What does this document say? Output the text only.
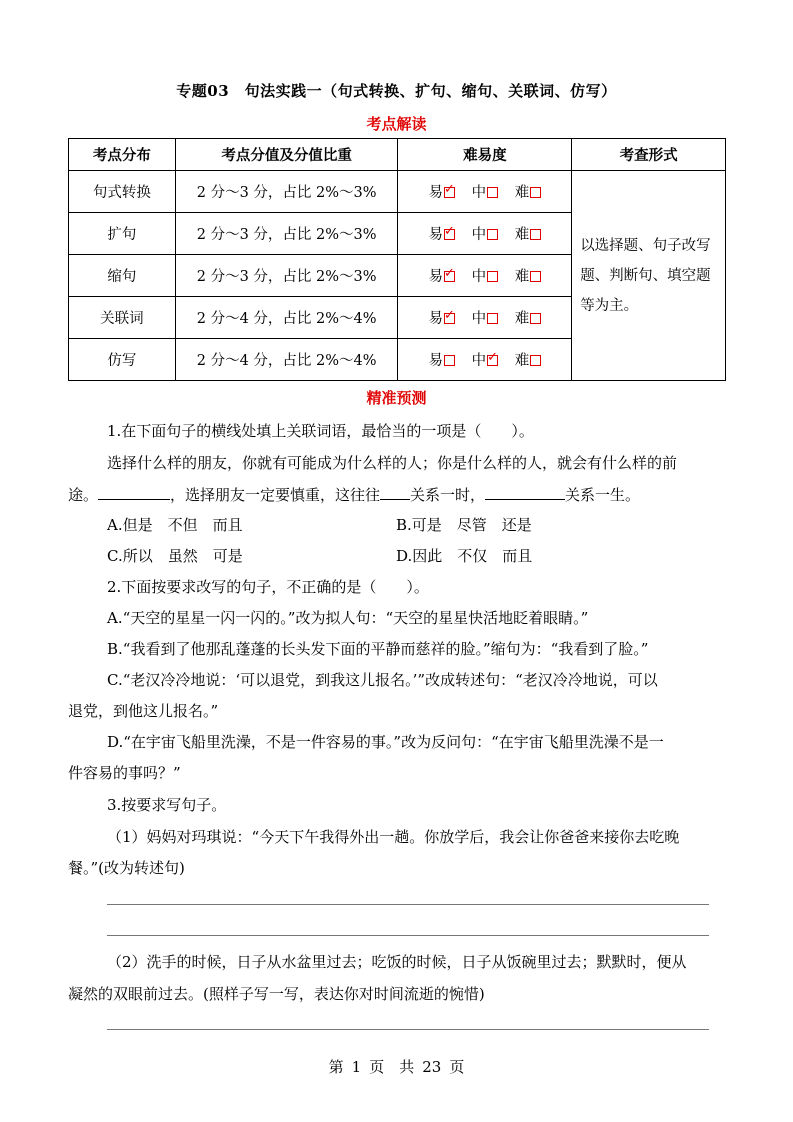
专题03　句法实践一（句式转换、扩句、缩句、关联词、仿写）
考点解读
考点分布	考点分值及分值比重	难易度	考查形式
句式转换	2 分～3 分，占比 2%～3%	易 ✓ 中 难	以选择题、句子改写题、判断句、填空题等为主。
扩句	2 分～3 分，占比 2%～3%	易 ✓ 中 难
缩句	2 分～3 分，占比 2%～3%	易 ✓ 中 难
关联词	2 分～4 分，占比 2%～4%	易 ✓ 中 难
仿写	2 分～4 分，占比 2%～4%	易 中 ✓ 难
精准预测
1.在下面句子的横线处填上关联词语，最恰当的一项是（　　）。
选择什么样的朋友，你就有可能成为什么样的人；你是什么样的人，就会有什么样的前
途。	，选择朋友一定要慎重，这往往 关系一时，	关系一生。
A.但是　不但　而且	B.可是　尽管　还是
C.所以　虽然　可是	D.因此　不仅　而且
2.下面按要求改写的句子，不正确的是（　　）。
A.“天空的星星一闪一闪的。”改为拟人句：“天空的星星快活地眨着眼睛。”
B.“我看到了他那乱蓬蓬的长头发下面的平静而慈祥的脸。”缩句为：“我看到了脸。”
C.“老汉冷冷地说：‘可以退党，到我这儿报名。’”改成转述句：“老汉冷冷地说，可以
退党，到他这儿报名。”
D.“在宇宙飞船里洗澡，不是一件容易的事。”改为反问句：“在宇宙飞船里洗澡不是一
件容易的事吗？”
3.按要求写句子。
（1）妈妈对玛琪说：“今天下午我得外出一趟。你放学后，我会让你爸爸来接你去吃晚
餐。”(改为转述句)
（2）洗手的时候，日子从水盆里过去；吃饭的时候，日子从饭碗里过去；默默时，便从
凝然的双眼前过去。(照样子写一写，表达你对时间流逝的惋惜)
第 1 页　共 23 页
